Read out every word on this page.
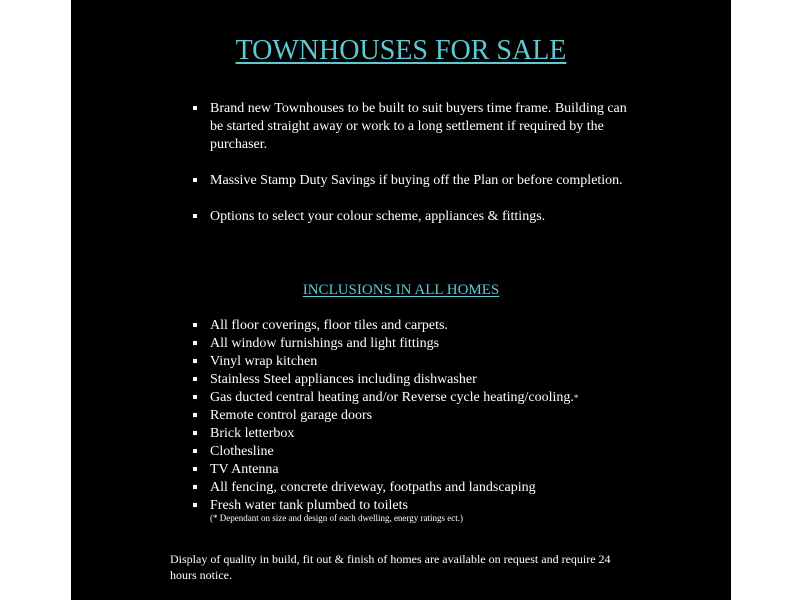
TOWNHOUSES FOR SALE
Brand new Townhouses to be built to suit buyers time frame. Building can be started straight away or work to a long settlement if required by the purchaser.
Massive Stamp Duty Savings if buying off the Plan or before completion.
Options to select your colour scheme, appliances & fittings.
INCLUSIONS IN ALL HOMES
All floor coverings, floor tiles and carpets.
All window furnishings and light fittings
Vinyl wrap kitchen
Stainless Steel appliances including dishwasher
Gas ducted central heating and/or Reverse cycle heating/cooling.*
Remote control garage doors
Brick letterbox
Clothesline
TV Antenna
All fencing, concrete driveway, footpaths and landscaping
Fresh water tank plumbed to toilets
(* Dependant on size and design of each dwelling, energy ratings ect.)
Display of quality in build, fit out & finish of homes are available on request and require 24 hours notice.
